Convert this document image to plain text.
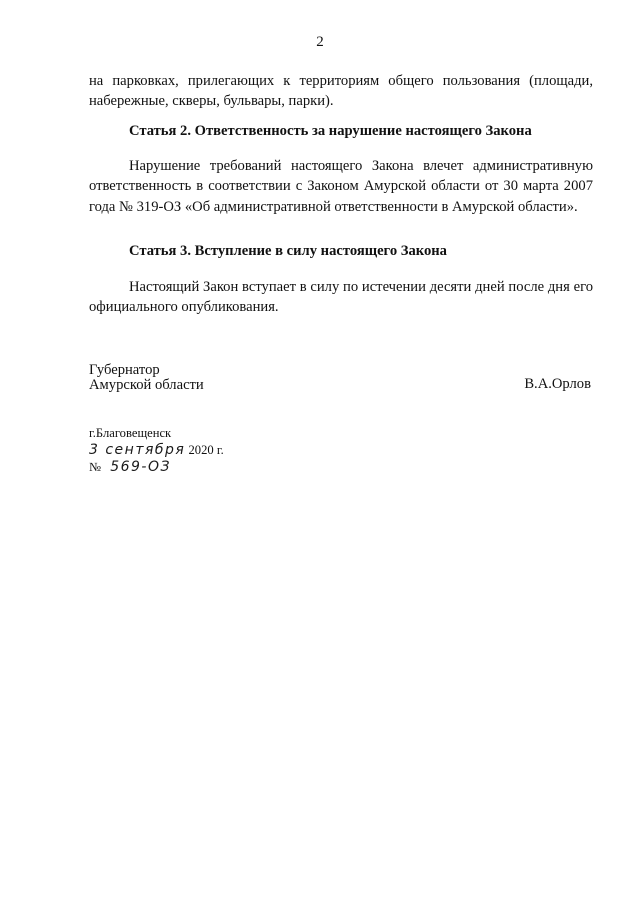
2

на парковках, прилегающих к территориям общего пользования (площади, набережные, скверы, бульвары, парки).

Статья 2. Ответственность за нарушение настоящего Закона

Нарушение требований настоящего Закона влечет административную ответственность в соответствии с Законом Амурской области от 30 марта 2007 года № 319-ОЗ «Об административной ответственности в Амурской области».

Статья 3. Вступление в силу настоящего Закона

Настоящий Закон вступает в силу по истечении десяти дней после дня его официального опубликования.

Губернатор
Амурской области	В.А.Орлов
г.Благовещенск
3 сентября 2020 г.
№ 569-ОЗ
